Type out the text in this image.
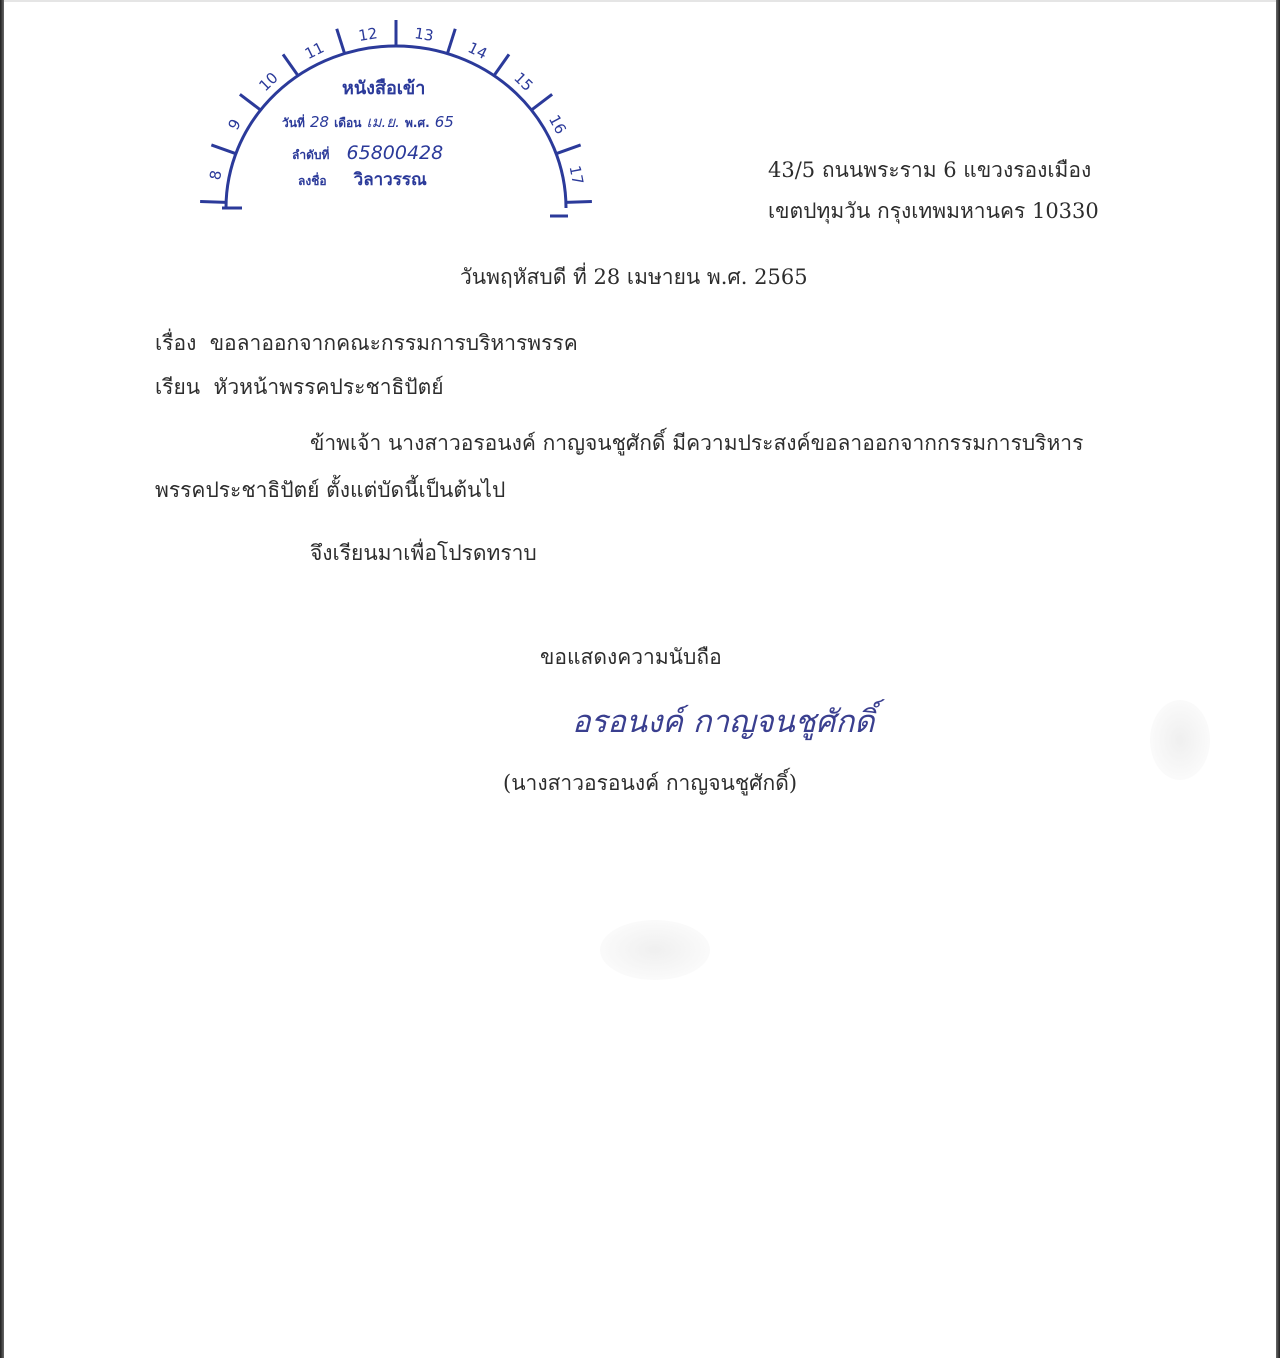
8
9
10
11
12 13
14
15
16
17
หนังสือเข้า
วันที่ 28 เดือน เม.ย. พ.ศ. 65
ลำดับที่ 65800428
ลงชื่อ วิลาวรรณ	43/5 ถนนพระราม 6 แขวงรองเมือง
เขตปทุมวัน กรุงเทพมหานคร 10330
วันพฤหัสบดี ที่ 28 เมษายน พ.ศ. 2565
เรื่อง ขอลาออกจากคณะกรรมการบริหารพรรค
เรียน หัวหน้าพรรคประชาธิปัตย์
ข้าพเจ้า นางสาวอรอนงค์ กาญจนชูศักดิ์ มีความประสงค์ขอลาออกจากกรรมการบริหาร
พรรคประชาธิปัตย์ ตั้งแต่บัดนี้เป็นต้นไป
จึงเรียนมาเพื่อโปรดทราบ
ขอแสดงความนับถือ
อรอนงค์ กาญจนชูศักดิ์
(นางสาวอรอนงค์ กาญจนชูศักดิ์)
